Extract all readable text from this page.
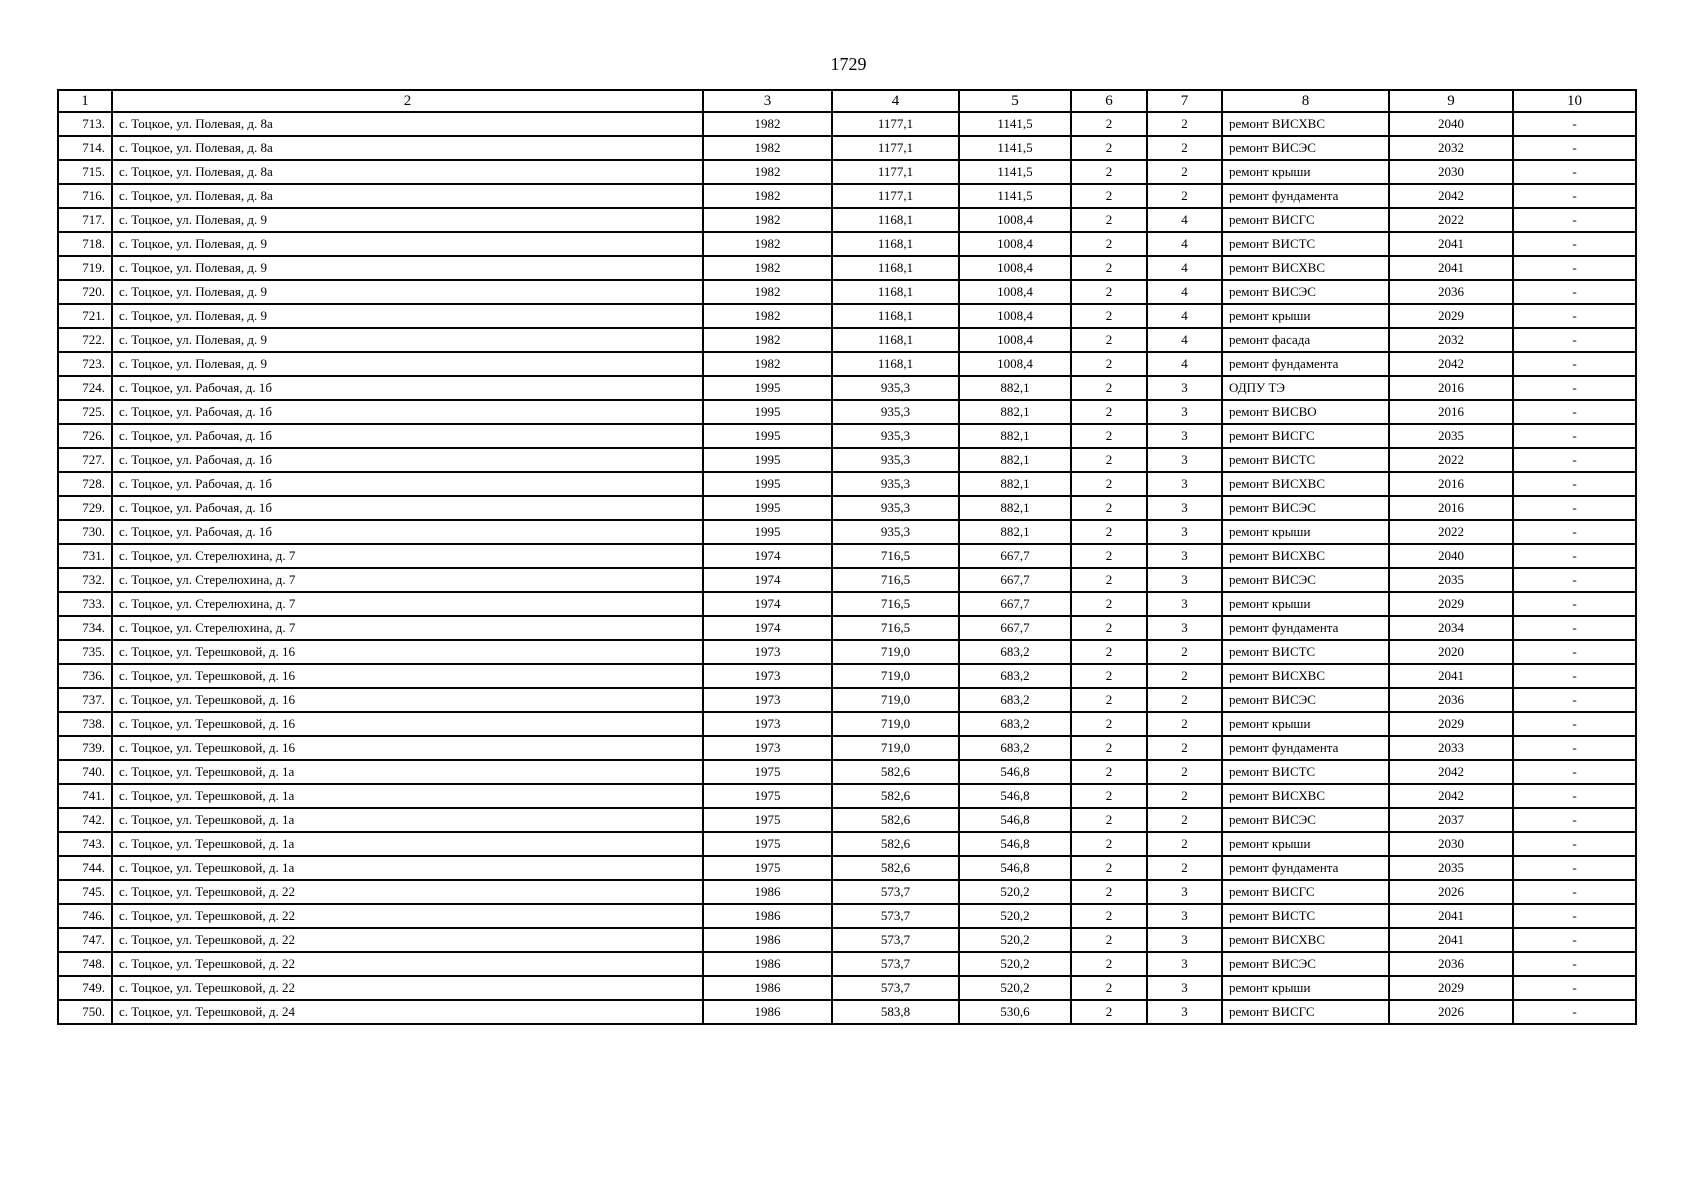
1729
1	2	3	4	5	6	7	8	9	10
713.	с. Тоцкое, ул. Полевая, д. 8а	1982	1177,1	1141,5	2	2	ремонт ВИСХВС	2040	-
714.	с. Тоцкое, ул. Полевая, д. 8а	1982	1177,1	1141,5	2	2	ремонт ВИСЭС	2032	-
715.	с. Тоцкое, ул. Полевая, д. 8а	1982	1177,1	1141,5	2	2	ремонт крыши	2030	-
716.	с. Тоцкое, ул. Полевая, д. 8а	1982	1177,1	1141,5	2	2	ремонт фундамента	2042	-
717.	с. Тоцкое, ул. Полевая, д. 9	1982	1168,1	1008,4	2	4	ремонт ВИСГС	2022	-
718.	с. Тоцкое, ул. Полевая, д. 9	1982	1168,1	1008,4	2	4	ремонт ВИСТС	2041	-
719.	с. Тоцкое, ул. Полевая, д. 9	1982	1168,1	1008,4	2	4	ремонт ВИСХВС	2041	-
720.	с. Тоцкое, ул. Полевая, д. 9	1982	1168,1	1008,4	2	4	ремонт ВИСЭС	2036	-
721.	с. Тоцкое, ул. Полевая, д. 9	1982	1168,1	1008,4	2	4	ремонт крыши	2029	-
722.	с. Тоцкое, ул. Полевая, д. 9	1982	1168,1	1008,4	2	4	ремонт фасада	2032	-
723.	с. Тоцкое, ул. Полевая, д. 9	1982	1168,1	1008,4	2	4	ремонт фундамента	2042	-
724.	с. Тоцкое, ул. Рабочая, д. 1б	1995	935,3	882,1	2	3	ОДПУ ТЭ	2016	-
725.	с. Тоцкое, ул. Рабочая, д. 1б	1995	935,3	882,1	2	3	ремонт ВИСВО	2016	-
726.	с. Тоцкое, ул. Рабочая, д. 1б	1995	935,3	882,1	2	3	ремонт ВИСГС	2035	-
727.	с. Тоцкое, ул. Рабочая, д. 1б	1995	935,3	882,1	2	3	ремонт ВИСТС	2022	-
728.	с. Тоцкое, ул. Рабочая, д. 1б	1995	935,3	882,1	2	3	ремонт ВИСХВС	2016	-
729.	с. Тоцкое, ул. Рабочая, д. 1б	1995	935,3	882,1	2	3	ремонт ВИСЭС	2016	-
730.	с. Тоцкое, ул. Рабочая, д. 1б	1995	935,3	882,1	2	3	ремонт крыши	2022	-
731.	с. Тоцкое, ул. Стерелюхина, д. 7	1974	716,5	667,7	2	3	ремонт ВИСХВС	2040	-
732.	с. Тоцкое, ул. Стерелюхина, д. 7	1974	716,5	667,7	2	3	ремонт ВИСЭС	2035	-
733.	с. Тоцкое, ул. Стерелюхина, д. 7	1974	716,5	667,7	2	3	ремонт крыши	2029	-
734.	с. Тоцкое, ул. Стерелюхина, д. 7	1974	716,5	667,7	2	3	ремонт фундамента	2034	-
735.	с. Тоцкое, ул. Терешковой, д. 16	1973	719,0	683,2	2	2	ремонт ВИСТС	2020	-
736.	с. Тоцкое, ул. Терешковой, д. 16	1973	719,0	683,2	2	2	ремонт ВИСХВС	2041	-
737.	с. Тоцкое, ул. Терешковой, д. 16	1973	719,0	683,2	2	2	ремонт ВИСЭС	2036	-
738.	с. Тоцкое, ул. Терешковой, д. 16	1973	719,0	683,2	2	2	ремонт крыши	2029	-
739.	с. Тоцкое, ул. Терешковой, д. 16	1973	719,0	683,2	2	2	ремонт фундамента	2033	-
740.	с. Тоцкое, ул. Терешковой, д. 1а	1975	582,6	546,8	2	2	ремонт ВИСТС	2042	-
741.	с. Тоцкое, ул. Терешковой, д. 1а	1975	582,6	546,8	2	2	ремонт ВИСХВС	2042	-
742.	с. Тоцкое, ул. Терешковой, д. 1а	1975	582,6	546,8	2	2	ремонт ВИСЭС	2037	-
743.	с. Тоцкое, ул. Терешковой, д. 1а	1975	582,6	546,8	2	2	ремонт крыши	2030	-
744.	с. Тоцкое, ул. Терешковой, д. 1а	1975	582,6	546,8	2	2	ремонт фундамента	2035	-
745.	с. Тоцкое, ул. Терешковой, д. 22	1986	573,7	520,2	2	3	ремонт ВИСГС	2026	-
746.	с. Тоцкое, ул. Терешковой, д. 22	1986	573,7	520,2	2	3	ремонт ВИСТС	2041	-
747.	с. Тоцкое, ул. Терешковой, д. 22	1986	573,7	520,2	2	3	ремонт ВИСХВС	2041	-
748.	с. Тоцкое, ул. Терешковой, д. 22	1986	573,7	520,2	2	3	ремонт ВИСЭС	2036	-
749.	с. Тоцкое, ул. Терешковой, д. 22	1986	573,7	520,2	2	3	ремонт крыши	2029	-
750.	с. Тоцкое, ул. Терешковой, д. 24	1986	583,8	530,6	2	3	ремонт ВИСГС	2026	-
